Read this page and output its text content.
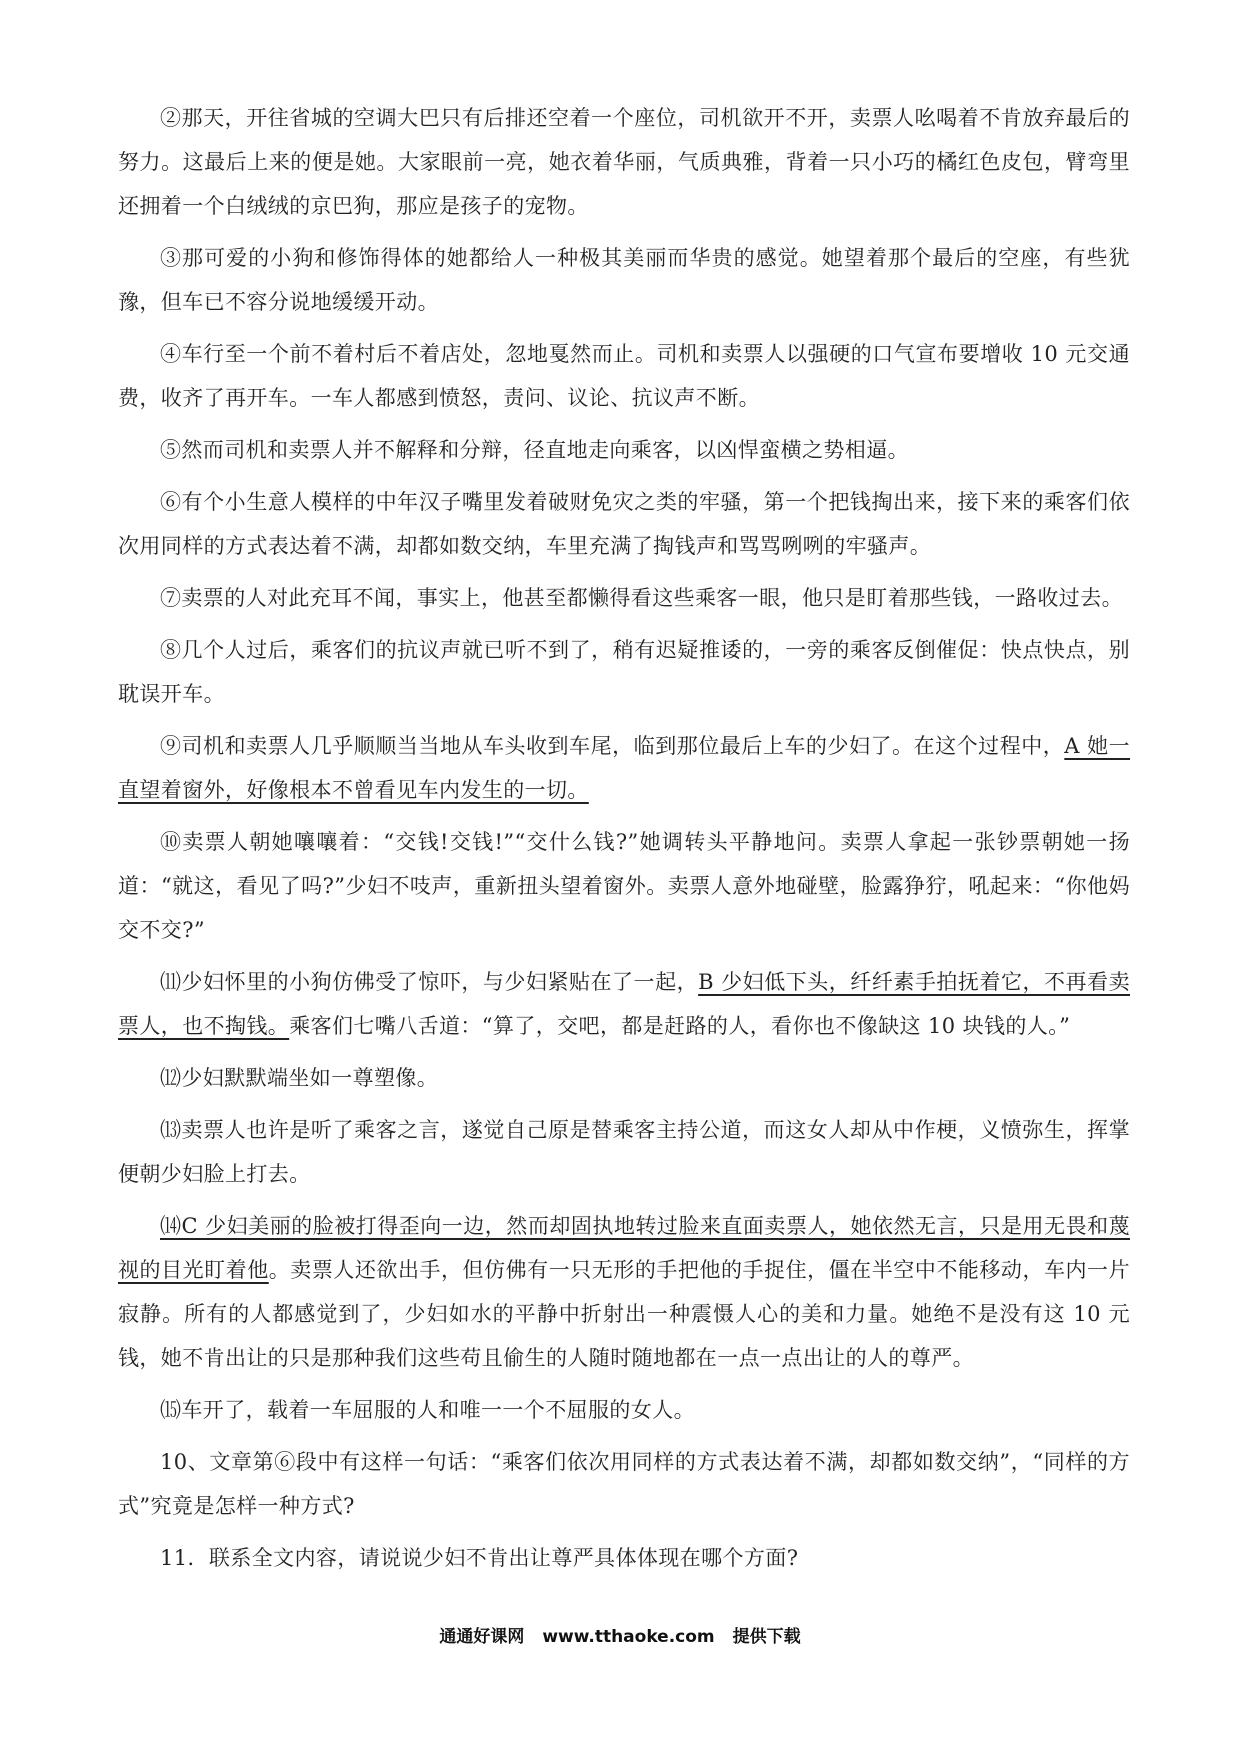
②那天，开往省城的空调大巴只有后排还空着一个座位，司机欲开不开，卖票人吆喝着不肯放弃最后的努力。这最后上来的便是她。大家眼前一亮，她衣着华丽，气质典雅，背着一只小巧的橘红色皮包，臂弯里还拥着一个白绒绒的京巴狗，那应是孩子的宠物。

③那可爱的小狗和修饰得体的她都给人一种极其美丽而华贵的感觉。她望着那个最后的空座，有些犹豫，但车已不容分说地缓缓开动。

④车行至一个前不着村后不着店处，忽地戛然而止。司机和卖票人以强硬的口气宣布要增收 10 元交通费，收齐了再开车。一车人都感到愤怒，责问、议论、抗议声不断。

⑤然而司机和卖票人并不解释和分辩，径直地走向乘客，以凶悍蛮横之势相逼。

⑥有个小生意人模样的中年汉子嘴里发着破财免灾之类的牢骚，第一个把钱掏出来，接下来的乘客们依次用同样的方式表达着不满，却都如数交纳，车里充满了掏钱声和骂骂咧咧的牢骚声。

⑦卖票的人对此充耳不闻，事实上，他甚至都懒得看这些乘客一眼，他只是盯着那些钱，一路收过去。

⑧几个人过后，乘客们的抗议声就已听不到了，稍有迟疑推诿的，一旁的乘客反倒催促：快点快点，别耽误开车。

⑨司机和卖票人几乎顺顺当当地从车头收到车尾，临到那位最后上车的少妇了。在这个过程中，A 她一直望着窗外，好像根本不曾看见车内发生的一切。

⑩卖票人朝她嚷嚷着：“交钱!交钱!”“交什么钱?”她调转头平静地问。卖票人拿起一张钞票朝她一扬道：“就这，看见了吗?”少妇不吱声，重新扭头望着窗外。卖票人意外地碰壁，脸露狰狞，吼起来：“你他妈交不交?”

⑾少妇怀里的小狗仿佛受了惊吓，与少妇紧贴在了一起，B 少妇低下头，纤纤素手拍抚着它，不再看卖票人，也不掏钱。乘客们七嘴八舌道：“算了，交吧，都是赶路的人，看你也不像缺这 10 块钱的人。”

⑿少妇默默端坐如一尊塑像。

⒀卖票人也许是听了乘客之言，遂觉自己原是替乘客主持公道，而这女人却从中作梗，义愤弥生，挥掌便朝少妇脸上打去。

⒁C 少妇美丽的脸被打得歪向一边，然而却固执地转过脸来直面卖票人，她依然无言，只是用无畏和蔑视的目光盯着他。卖票人还欲出手，但仿佛有一只无形的手把他的手捉住，僵在半空中不能移动，车内一片寂静。所有的人都感觉到了，少妇如水的平静中折射出一种震慑人心的美和力量。她绝不是没有这 10 元钱，她不肯出让的只是那种我们这些苟且偷生的人随时随地都在一点一点出让的人的尊严。

⒂车开了，载着一车屈服的人和唯一一个不屈服的女人。

10、文章第⑥段中有这样一句话：“乘客们依次用同样的方式表达着不满，却都如数交纳”，“同样的方式”究竟是怎样一种方式?

11．联系全文内容，请说说少妇不肯出让尊严具体体现在哪个方面?

通通好课网 www.tthaoke.com 提供下载
